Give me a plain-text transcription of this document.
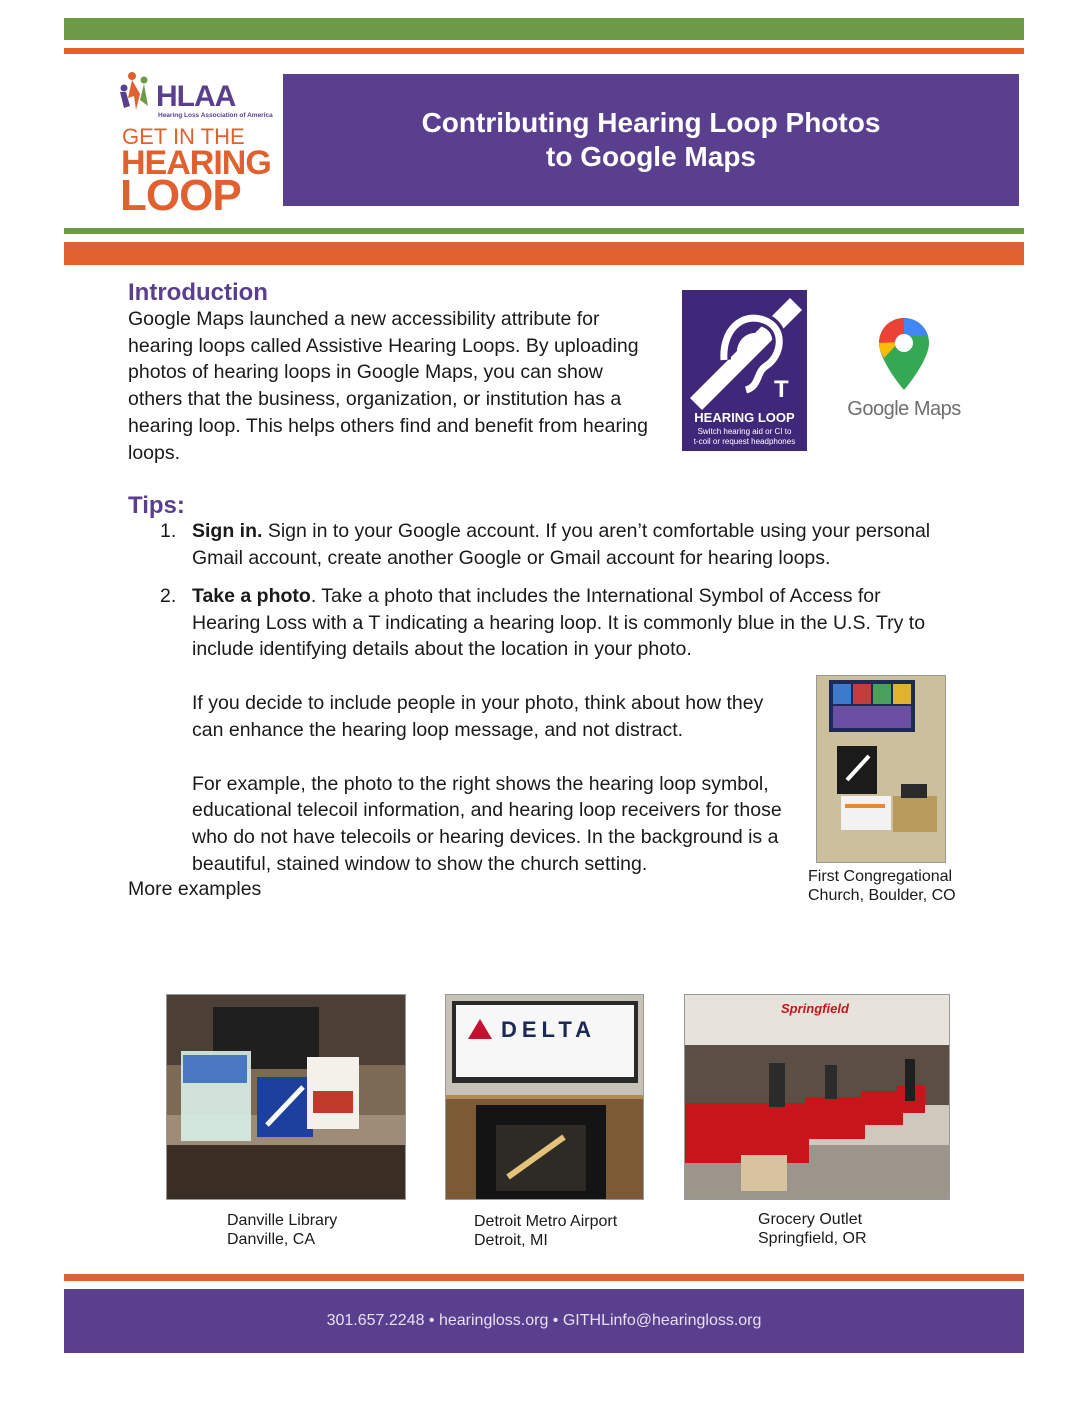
HLAA
Hearing Loss Association of America
GET IN THE
HEARING
LOOP
Contributing Hearing Loop Photos
to Google Maps
Introduction
Google Maps launched a new accessibility attribute for
hearing loops called Assistive Hearing Loops. By uploading
photos of hearing loops in Google Maps, you can show
others that the business, organization, or institution has a
hearing loop. This helps others find and benefit from hearing
loops.
T
HEARING LOOP
Switch hearing aid or CI to
t-coil or request headphones
Google Maps
Tips:
1. Sign in. Sign in to your Google account. If you aren’t comfortable using your personal
Gmail account, create another Google or Gmail account for hearing loops.
2. Take a photo. Take a photo that includes the International Symbol of Access for
Hearing Loss with a T indicating a hearing loop. It is commonly blue in the U.S. Try to
include identifying details about the location in your photo.
If you decide to include people in your photo, think about how they
can enhance the hearing loop message, and not distract.
For example, the photo to the right shows the hearing loop symbol,
educational telecoil information, and hearing loop receivers for those
who do not have telecoils or hearing devices. In the background is a
beautiful, stained window to show the church setting.
First Congregational
Church, Boulder, CO
More examples
DELTA
Springfield
Danville Library
Danville, CA
Detroit Metro Airport
Detroit, MI
Grocery Outlet
Springfield, OR
301.657.2248 • hearingloss.org • GITHLinfo@hearingloss.org
